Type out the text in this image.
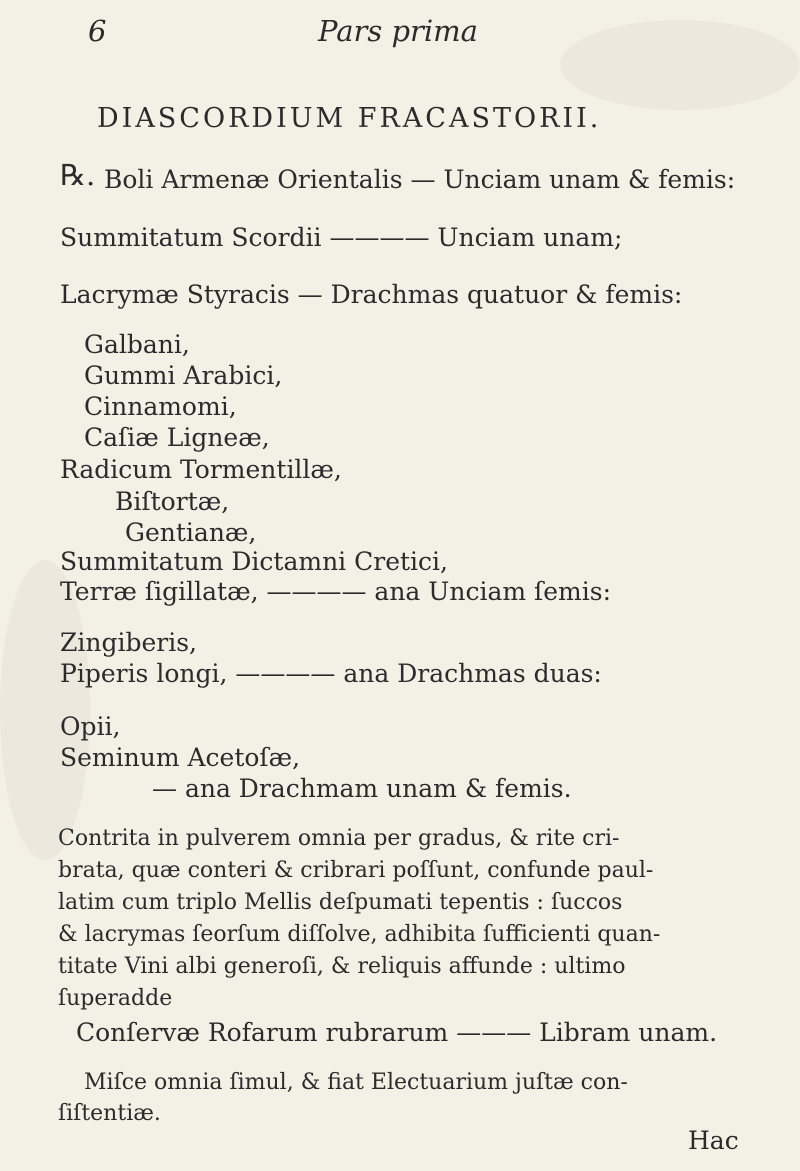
6	Pars prima
DIASCORDIUM FRACASTORII.
℞. Boli Armenæ Orientalis — Unciam unam & femis:
Summitatum Scordii ———— Unciam unam;
Lacrymæ Styracis — Drachmas quatuor & femis:
Galbani,
Gummi Arabici,
Cinnamomi,
Caſiæ Ligneæ,
Radicum Tormentillæ,
Biſtortæ,
Gentianæ,
Summitatum Dictamni Cretici,
Terræ ſigillatæ, ———— ana Unciam ſemis:
Zingiberis,
Piperis longi, ———— ana Drachmas duas:
Opii,
Seminum Acetoſæ,
— ana Drachmam unam & femis.
Contrita in pulverem omnia per gradus, & rite cri-
brata, quæ conteri & cribrari poſſunt, confunde paul-
latim cum triplo Mellis deſpumati tepentis : ſuccos
& lacrymas ſeorſum diſſolve, adhibita ſufficienti quan-
titate Vini albi generoſi, & reliquis affunde : ultimo
ſuperadde
Conſervæ Rofarum rubrarum ——— Libram unam.
Miſce omnia ſimul, & fiat Electuarium juſtæ con-
ſiſtentiæ.
Hac
